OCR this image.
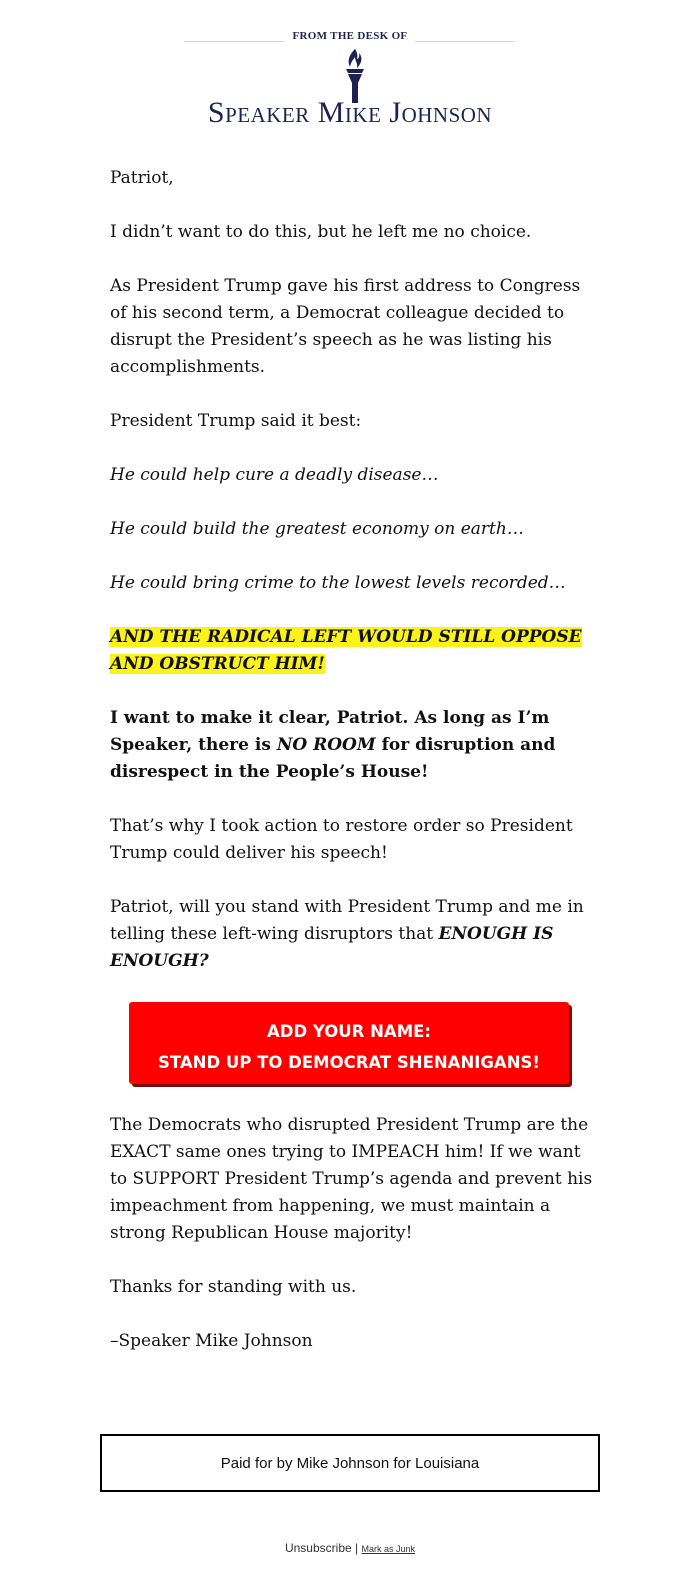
FROM THE DESK OF
Speaker Mike Johnson

Patriot,

I didn’t want to do this, but he left me no choice.

As President Trump gave his first address to Congress of his second term, a Democrat colleague decided to disrupt the President’s speech as he was listing his accomplishments.

President Trump said it best:

He could help cure a deadly disease…

He could build the greatest economy on earth…

He could bring crime to the lowest levels recorded…

AND THE RADICAL LEFT WOULD STILL OPPOSE AND OBSTRUCT HIM!

I want to make it clear, Patriot. As long as I’m Speaker, there is NO ROOM for disruption and disrespect in the People’s House!

That’s why I took action to restore order so President Trump could deliver his speech!

Patriot, will you stand with President Trump and me in telling these left-wing disruptors that ENOUGH IS ENOUGH?

ADD YOUR NAME:
STAND UP TO DEMOCRAT SHENANIGANS!

The Democrats who disrupted President Trump are the EXACT same ones trying to IMPEACH him! If we want to SUPPORT President Trump’s agenda and prevent his impeachment from happening, we must maintain a strong Republican House majority!

Thanks for standing with us.

–Speaker Mike Johnson

Paid for by Mike Johnson for Louisiana
Unsubscribe | Mark as Junk
